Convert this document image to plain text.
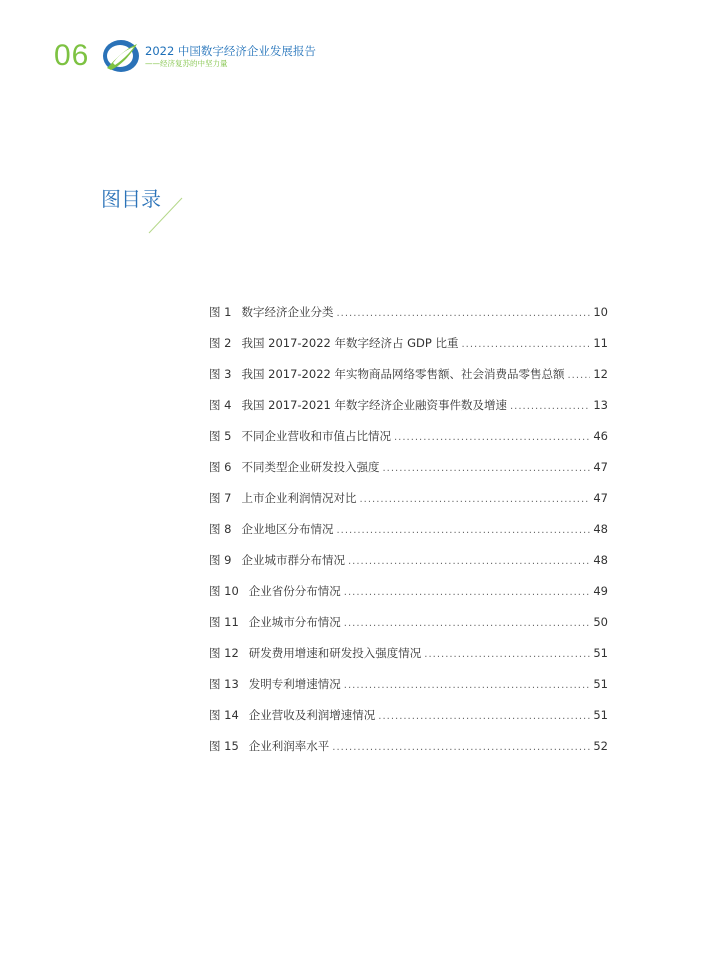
06	2022 中国数字经济企业发展报告
——经济复苏的中坚力量
图目录
图 1 数字经济企业分类 .....	10
图 2 我国 2017-2022 年数字经济占 GDP 比重 .....	11
图 3 我国 2017-2022 年实物商品网络零售额、社会消费品零售总额 .....	12
图 4 我国 2017-2021 年数字经济企业融资事件数及增速 .....	13
图 5 不同企业营收和市值占比情况 .....	46
图 6 不同类型企业研发投入强度 .....	47
图 7 上市企业利润情况对比 .....	47
图 8 企业地区分布情况 .....	48
图 9 企业城市群分布情况 .....	48
图 10 企业省份分布情况 .....	49
图 11 企业城市分布情况 .....	50
图 12 研发费用增速和研发投入强度情况 .....	51
图 13 发明专利增速情况 .....	51
图 14 企业营收及利润增速情况 .....	51
图 15 企业利润率水平 .....	52
